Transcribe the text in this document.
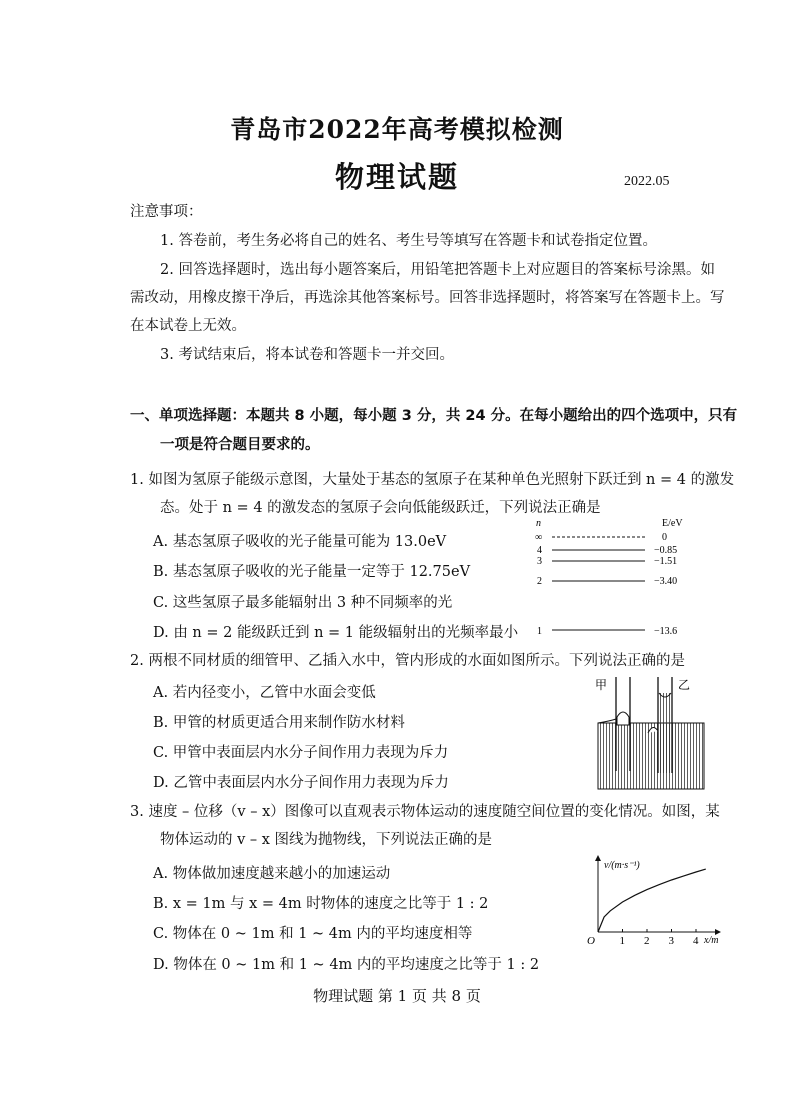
青岛市2022年高考模拟检测
物理试题	2022.05
注意事项：
1. 答卷前，考生务必将自己的姓名、考生号等填写在答题卡和试卷指定位置。
2. 回答选择题时，选出每小题答案后，用铅笔把答题卡上对应题目的答案标号涂黑。如
需改动，用橡皮擦干净后，再选涂其他答案标号。回答非选择题时，将答案写在答题卡上。写
在本试卷上无效。
3. 考试结束后，将本试卷和答题卡一并交回。
一、单项选择题：本题共 8 小题，每小题 3 分，共 24 分。在每小题给出的四个选项中，只有
一项是符合题目要求的。
1. 如图为氢原子能级示意图，大量处于基态的氢原子在某种单色光照射下跃迁到 n = 4 的激发
态。处于 n = 4 的激发态的氢原子会向低能级跃迁，下列说法正确是
A. 基态氢原子吸收的光子能量可能为 13.0eV
B. 基态氢原子吸收的光子能量一定等于 12.75eV
C. 这些氢原子最多能辐射出 3 种不同频率的光
D. 由 n = 2 能级跃迁到 n = 1 能级辐射出的光频率最小
n	E/eV
∞	0
4	−0.85
3	−1.51
2	−3.40
1	−13.6
2. 两根不同材质的细管甲、乙插入水中，管内形成的水面如图所示。下列说法正确的是
A. 若内径变小，乙管中水面会变低
B. 甲管的材质更适合用来制作防水材料
C. 甲管中表面层内水分子间作用力表现为斥力
D. 乙管中表面层内水分子间作用力表现为斥力
甲	乙
3. 速度 – 位移（v – x）图像可以直观表示物体运动的速度随空间位置的变化情况。如图，某
物体运动的 v – x 图线为抛物线，下列说法正确的是
A. 物体做加速度越来越小的加速运动
B. x = 1m 与 x = 4m 时物体的速度之比等于 1 : 2
C. 物体在 0 ~ 1m 和 1 ~ 4m 内的平均速度相等
D. 物体在 0 ~ 1m 和 1 ~ 4m 内的平均速度之比等于 1 : 2
v/(m·s⁻¹)
x/m
O 1 2 3 4
物理试题 第 1 页 共 8 页
